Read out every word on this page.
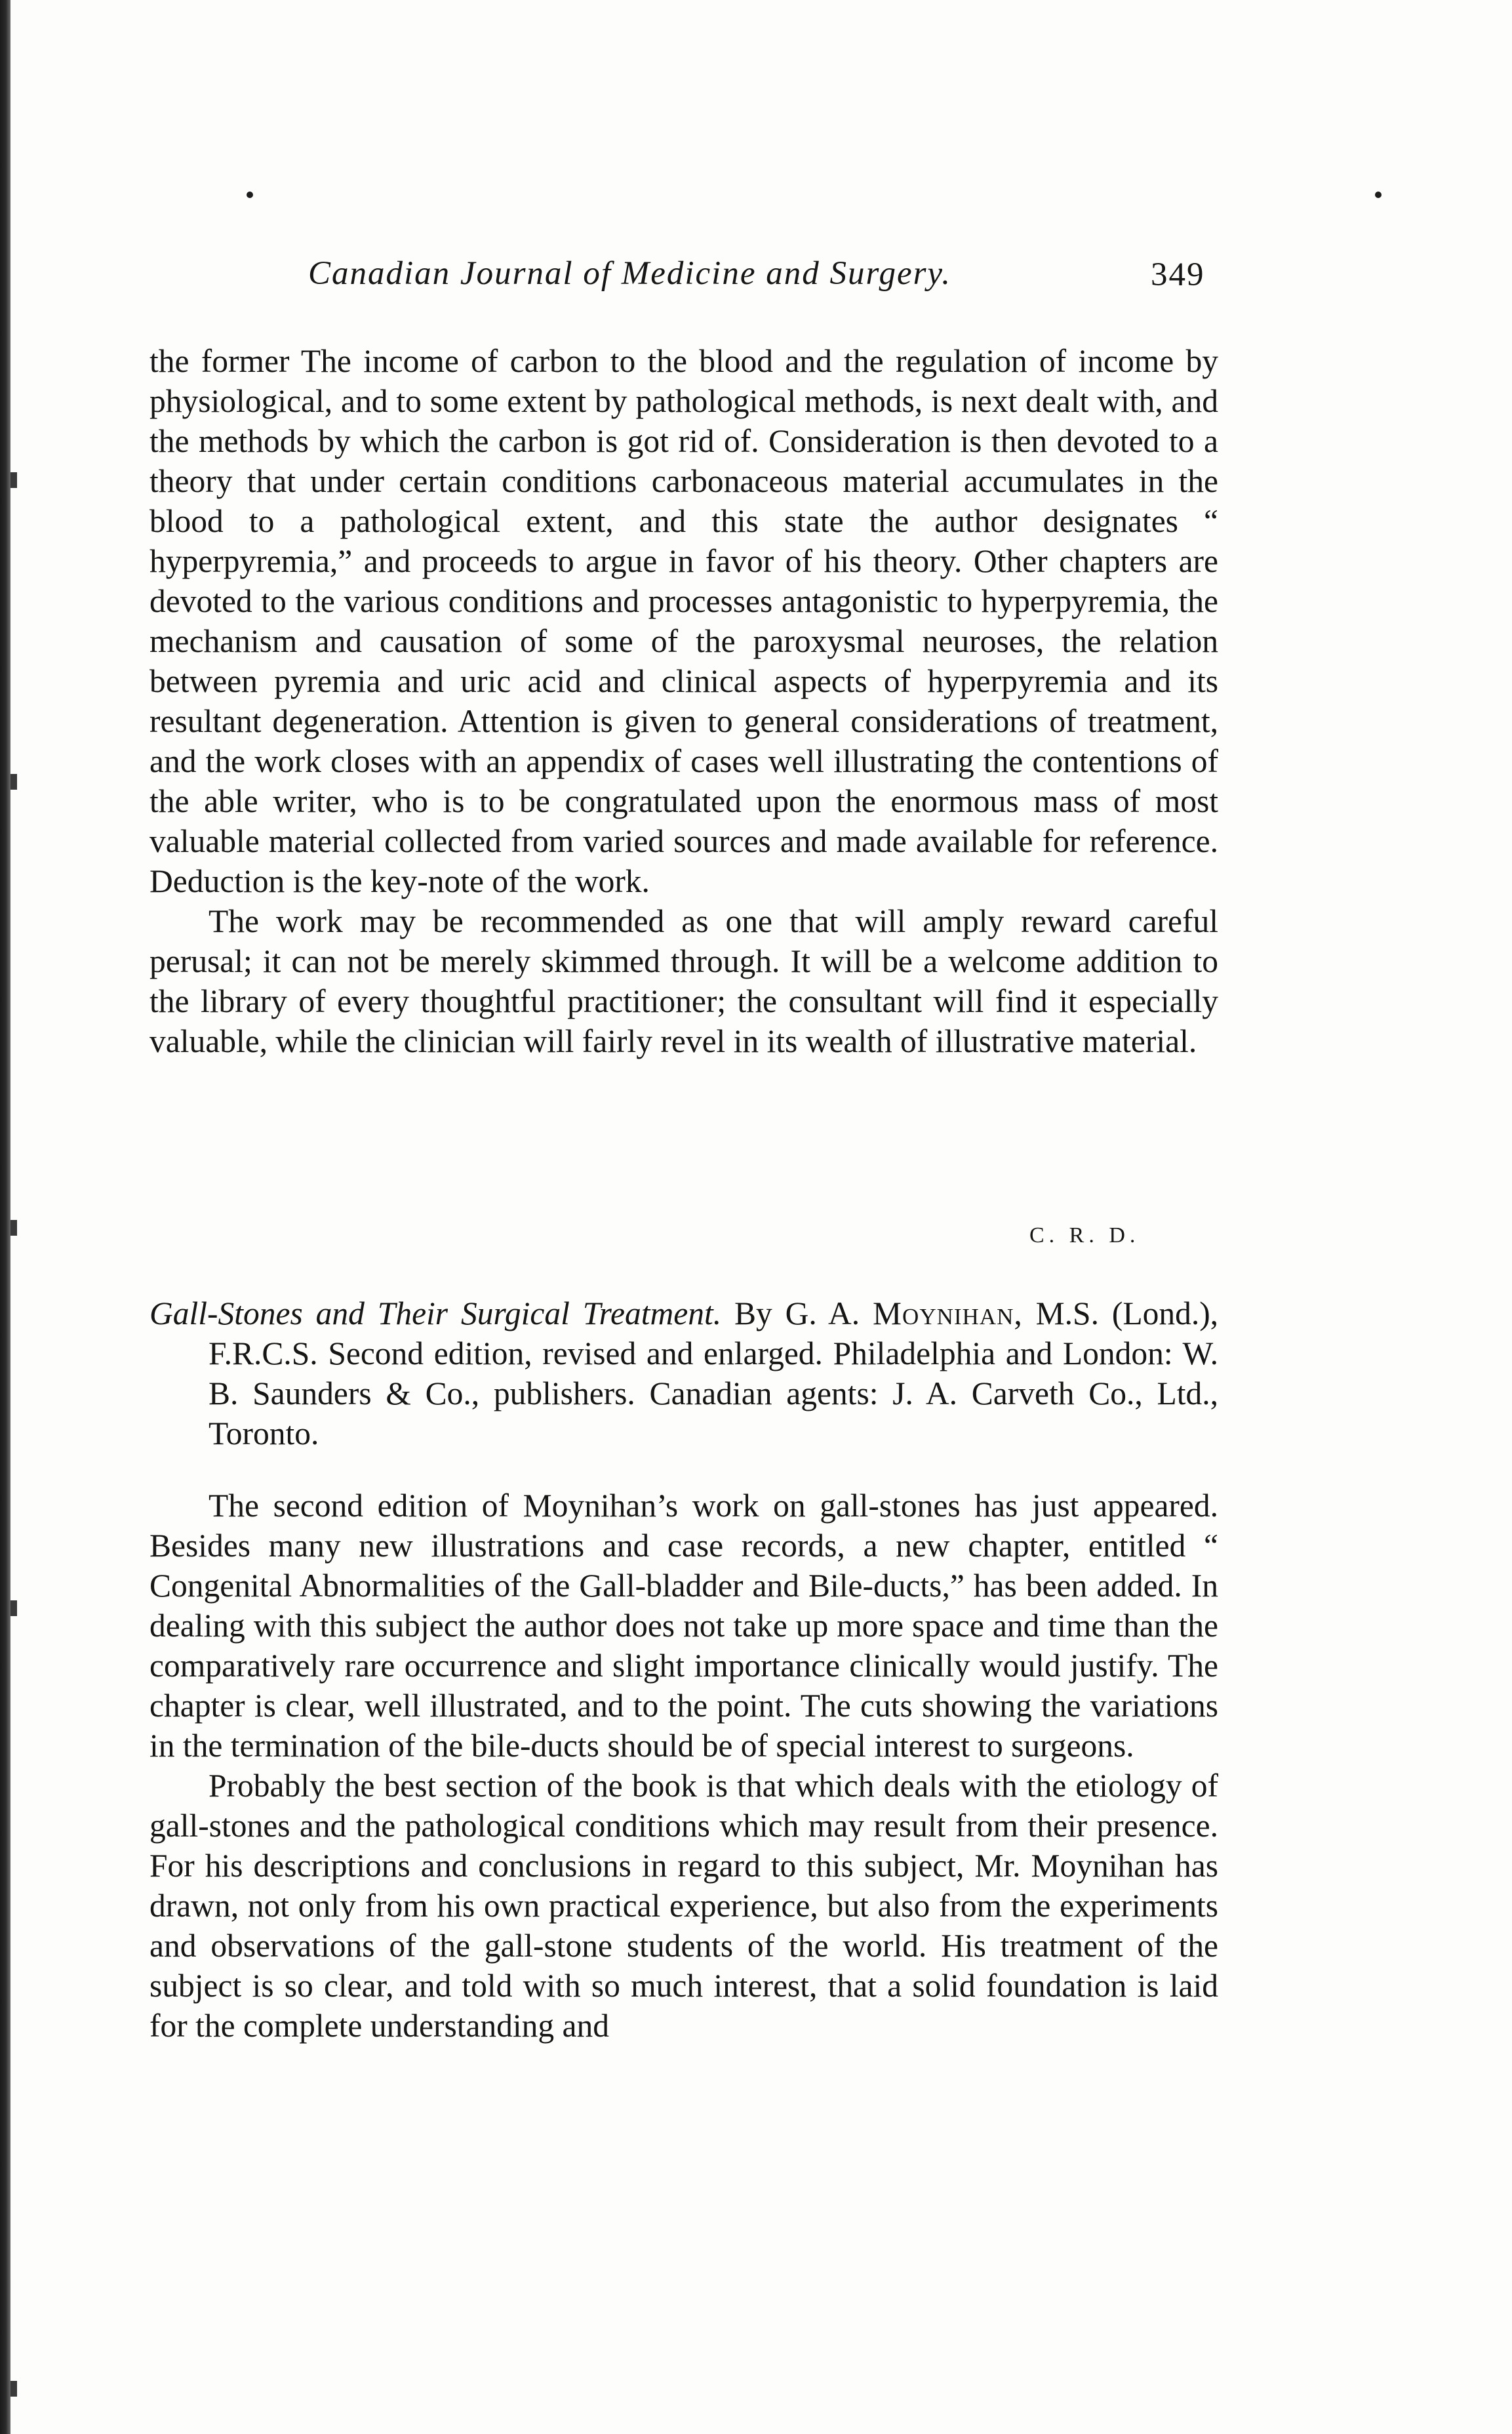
Canadian Journal of Medicine and Surgery.	349

the former The income of carbon to the blood and the regulation of income by physiological, and to some extent by pathological methods, is next dealt with, and the methods by which the carbon is got rid of. Consideration is then devoted to a theory that under certain conditions carbonaceous material accumulates in the blood to a pathological extent, and this state the author designates “ hyperpyremia,” and proceeds to argue in favor of his theory. Other chapters are devoted to the various conditions and processes antagonistic to hyperpyremia, the mechanism and causation of some of the paroxysmal neuroses, the relation between pyremia and uric acid and clinical aspects of hyperpyremia and its resultant degeneration. Attention is given to general considerations of treatment, and the work closes with an appendix of cases well illustrating the contentions of the able writer, who is to be congratulated upon the enormous mass of most valuable material collected from varied sources and made available for reference. Deduction is the key-note of the work.

The work may be recommended as one that will amply reward careful perusal; it can not be merely skimmed through. It will be a welcome addition to the library of every thoughtful practitioner; the consultant will find it especially valuable, while the clinician will fairly revel in its wealth of illustrative material.

C. R. D.
Gall-Stones and Their Surgical Treatment. By G. A. Moynihan, M.S. (Lond.), F.R.C.S. Second edition, revised and enlarged. Philadelphia and London: W. B. Saunders & Co., publishers. Canadian agents: J. A. Carveth Co., Ltd., Toronto.

The second edition of Moynihan’s work on gall-stones has just appeared. Besides many new illustrations and case records, a new chapter, entitled “ Congenital Abnormalities of the Gall-bladder and Bile-ducts,” has been added. In dealing with this subject the author does not take up more space and time than the comparatively rare occurrence and slight importance clinically would justify. The chapter is clear, well illustrated, and to the point. The cuts showing the variations in the termination of the bile-ducts should be of special interest to surgeons.

Probably the best section of the book is that which deals with the etiology of gall-stones and the pathological conditions which may result from their presence. For his descriptions and conclusions in regard to this subject, Mr. Moynihan has drawn, not only from his own practical experience, but also from the experiments and observations of the gall-stone students of the world. His treatment of the subject is so clear, and told with so much interest, that a solid foundation is laid for the complete understanding and
